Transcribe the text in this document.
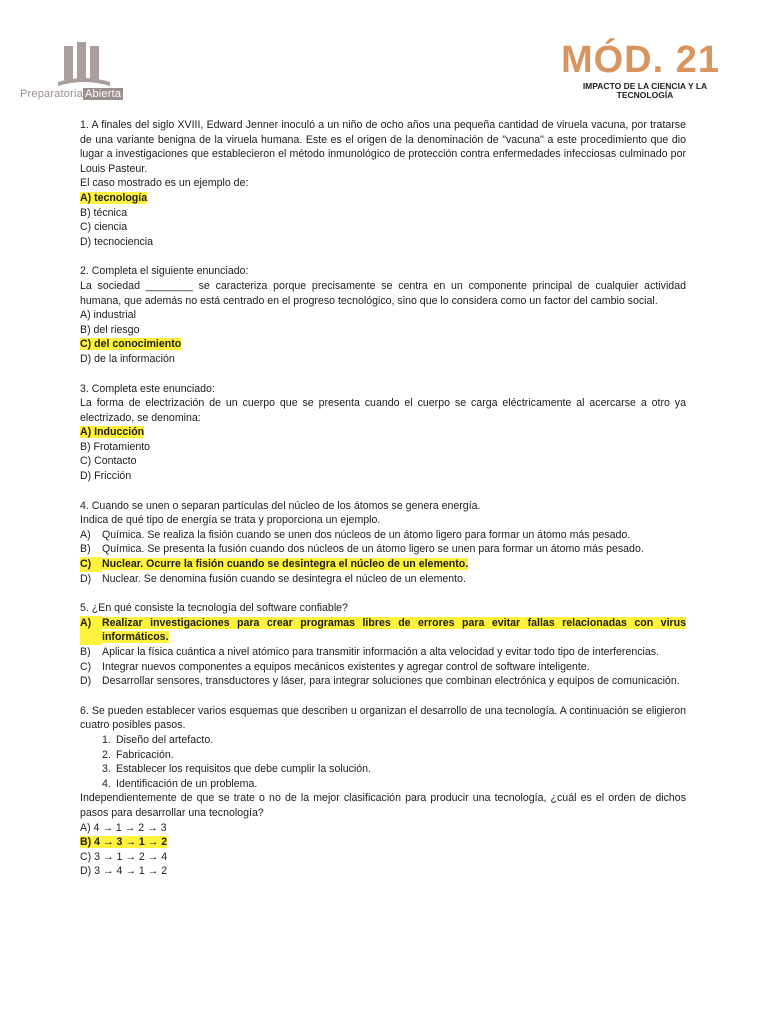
Preparatoria Abierta
MÓD. 21
IMPACTO DE LA CIENCIA Y LA TECNOLOGÍA
1. A finales del siglo XVIII, Edward Jenner inoculó a un niño de ocho años una pequeña cantidad de viruela vacuna, por tratarse de una variante benigna de la viruela humana. Este es el origen de la denominación de "vacuna" a este procedimiento que dio lugar a investigaciones que establecieron el método inmunológico de protección contra enfermedades infecciosas culminado por Louis Pasteur.
El caso mostrado es un ejemplo de:
A) tecnología
B) técnica
C) ciencia
D) tecnociencia
2. Completa el siguiente enunciado:
La sociedad ________ se caracteriza porque precisamente se centra en un componente principal de cualquier actividad humana, que además no está centrado en el progreso tecnológico, sino que lo considera como un factor del cambio social.
A) industrial
B) del riesgo
C) del conocimiento
D) de la información
3. Completa este enunciado:
La forma de electrización de un cuerpo que se presenta cuando el cuerpo se carga eléctricamente al acercarse a otro ya electrizado, se denomina:
A) Inducción
B) Frotamiento
C) Contacto
D) Fricción
4. Cuando se unen o separan partículas del núcleo de los átomos se genera energía.
Indica de qué tipo de energía se trata y proporciona un ejemplo.
A)	Química. Se realiza la fisión cuando se unen dos núcleos de un átomo ligero para formar un átomo más pesado.
B)	Química. Se presenta la fusión cuando dos núcleos de un átomo ligero se unen para formar un átomo más pesado.
C)	Nuclear. Ocurre la fisión cuando se desintegra el núcleo de un elemento.
D)	Nuclear. Se denomina fusión cuando se desintegra el núcleo de un elemento.
5. ¿En qué consiste la tecnología del software confiable?
A)	Realizar investigaciones para crear programas libres de errores para evitar fallas relacionadas con virus informáticos.
B)	Aplicar la física cuántica a nivel atómico para transmitir información a alta velocidad y evitar todo tipo de interferencias.
C)	Integrar nuevos componentes a equipos mecánicos existentes y agregar control de software inteligente.
D)	Desarrollar sensores, transductores y láser, para integrar soluciones que combinan electrónica y equipos de comunicación.
6. Se pueden establecer varios esquemas que describen u organizan el desarrollo de una tecnología. A continuación se eligieron cuatro posibles pasos.
1. Diseño del artefacto.
2. Fabricación.
3. Establecer los requisitos que debe cumplir la solución.
4. Identificación de un problema.
Independientemente de que se trate o no de la mejor clasificación para producir una tecnología, ¿cuál es el orden de dichos pasos para desarrollar una tecnología?
A) 4 → 1 → 2 → 3
B) 4 → 3 → 1 → 2
C) 3 → 1 → 2 → 4
D) 3 → 4 → 1 → 2
